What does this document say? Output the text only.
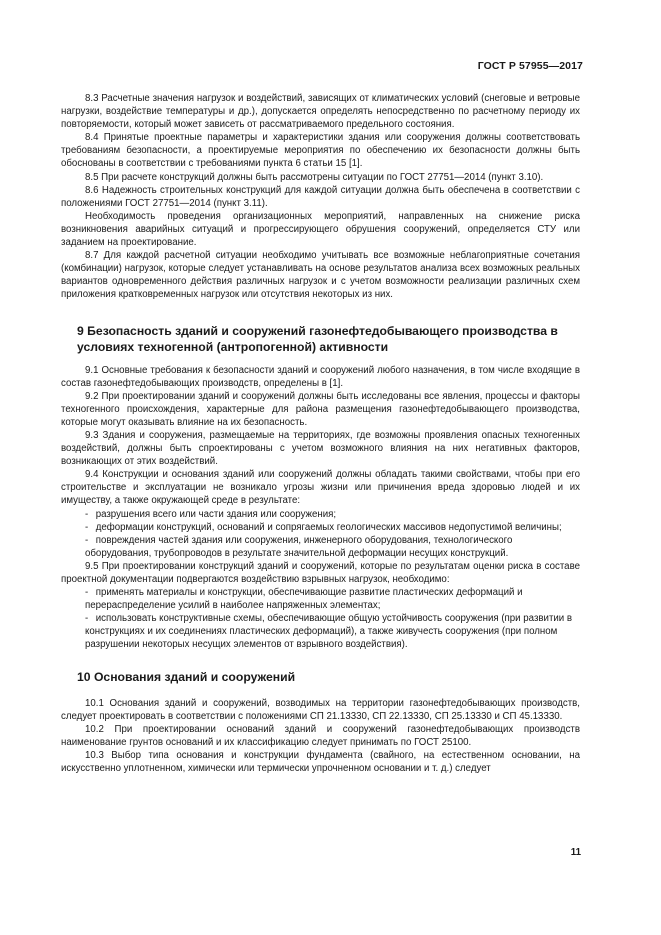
ГОСТ Р 57955—2017

8.3 Расчетные значения нагрузок и воздействий, зависящих от климатических условий (снеговые и ветровые нагрузки, воздействие температуры и др.), допускается определять непосредственно по расчетному периоду их повторяемости, который может зависеть от рассматриваемого предельного состояния.

8.4 Принятые проектные параметры и характеристики здания или сооружения должны соответствовать требованиям безопасности, а проектируемые мероприятия по обеспечению их безопасности должны быть обоснованы в соответствии с требованиями пункта 6 статьи 15 [1].

8.5 При расчете конструкций должны быть рассмотрены ситуации по ГОСТ 27751—2014 (пункт 3.10).

8.6 Надежность строительных конструкций для каждой ситуации должна быть обеспечена в соответствии с положениями ГОСТ 27751—2014 (пункт 3.11).

Необходимость проведения организационных мероприятий, направленных на снижение риска возникновения аварийных ситуаций и прогрессирующего обрушения сооружений, определяется СТУ или заданием на проектирование.

8.7 Для каждой расчетной ситуации необходимо учитывать все возможные неблагоприятные сочетания (комбинации) нагрузок, которые следует устанавливать на основе результатов анализа всех возможных реальных вариантов одновременного действия различных нагрузок и с учетом возможности реализации различных схем приложения кратковременных нагрузок или отсутствия некоторых из них.

9 Безопасность зданий и сооружений газонефтедобывающего производства в условиях техногенной (антропогенной) активности

9.1 Основные требования к безопасности зданий и сооружений любого назначения, в том числе входящие в состав газонефтедобывающих производств, определены в [1].

9.2 При проектировании зданий и сооружений должны быть исследованы все явления, процессы и факторы техногенного происхождения, характерные для района размещения газонефтедобывающего производства, которые могут оказывать влияние на их безопасность.

9.3 Здания и сооружения, размещаемые на территориях, где возможны проявления опасных техногенных воздействий, должны быть спроектированы с учетом возможного влияния на них негативных факторов, возникающих от этих воздействий.

9.4 Конструкции и основания зданий или сооружений должны обладать такими свойствами, чтобы при его строительстве и эксплуатации не возникало угрозы жизни или причинения вреда здоровью людей и их имуществу, а также окружающей среде в результате:

- разрушения всего или части здания или сооружения;

- деформации конструкций, оснований и сопрягаемых геологических массивов недопустимой величины;

- повреждения частей здания или сооружения, инженерного оборудования, технологического оборудования, трубопроводов в результате значительной деформации несущих конструкций.

9.5 При проектировании конструкций зданий и сооружений, которые по результатам оценки риска в составе проектной документации подвергаются воздействию взрывных нагрузок, необходимо:

- применять материалы и конструкции, обеспечивающие развитие пластических деформаций и перераспределение усилий в наиболее напряженных элементах;

- использовать конструктивные схемы, обеспечивающие общую устойчивость сооружения (при развитии в конструкциях и их соединениях пластических деформаций), а также живучесть сооружения (при полном разрушении некоторых несущих элементов от взрывного воздействия).

10 Основания зданий и сооружений

10.1 Основания зданий и сооружений, возводимых на территории газонефтедобывающих производств, следует проектировать в соответствии с положениями СП 21.13330, СП 22.13330, СП 25.13330 и СП 45.13330.

10.2 При проектировании оснований зданий и сооружений газонефтедобывающих производств наименование грунтов оснований и их классификацию следует принимать по ГОСТ 25100.

10.3 Выбор типа основания и конструкции фундамента (свайного, на естественном основании, на искусственно уплотненном, химически или термически упрочненном основании и т. д.) следует

11
